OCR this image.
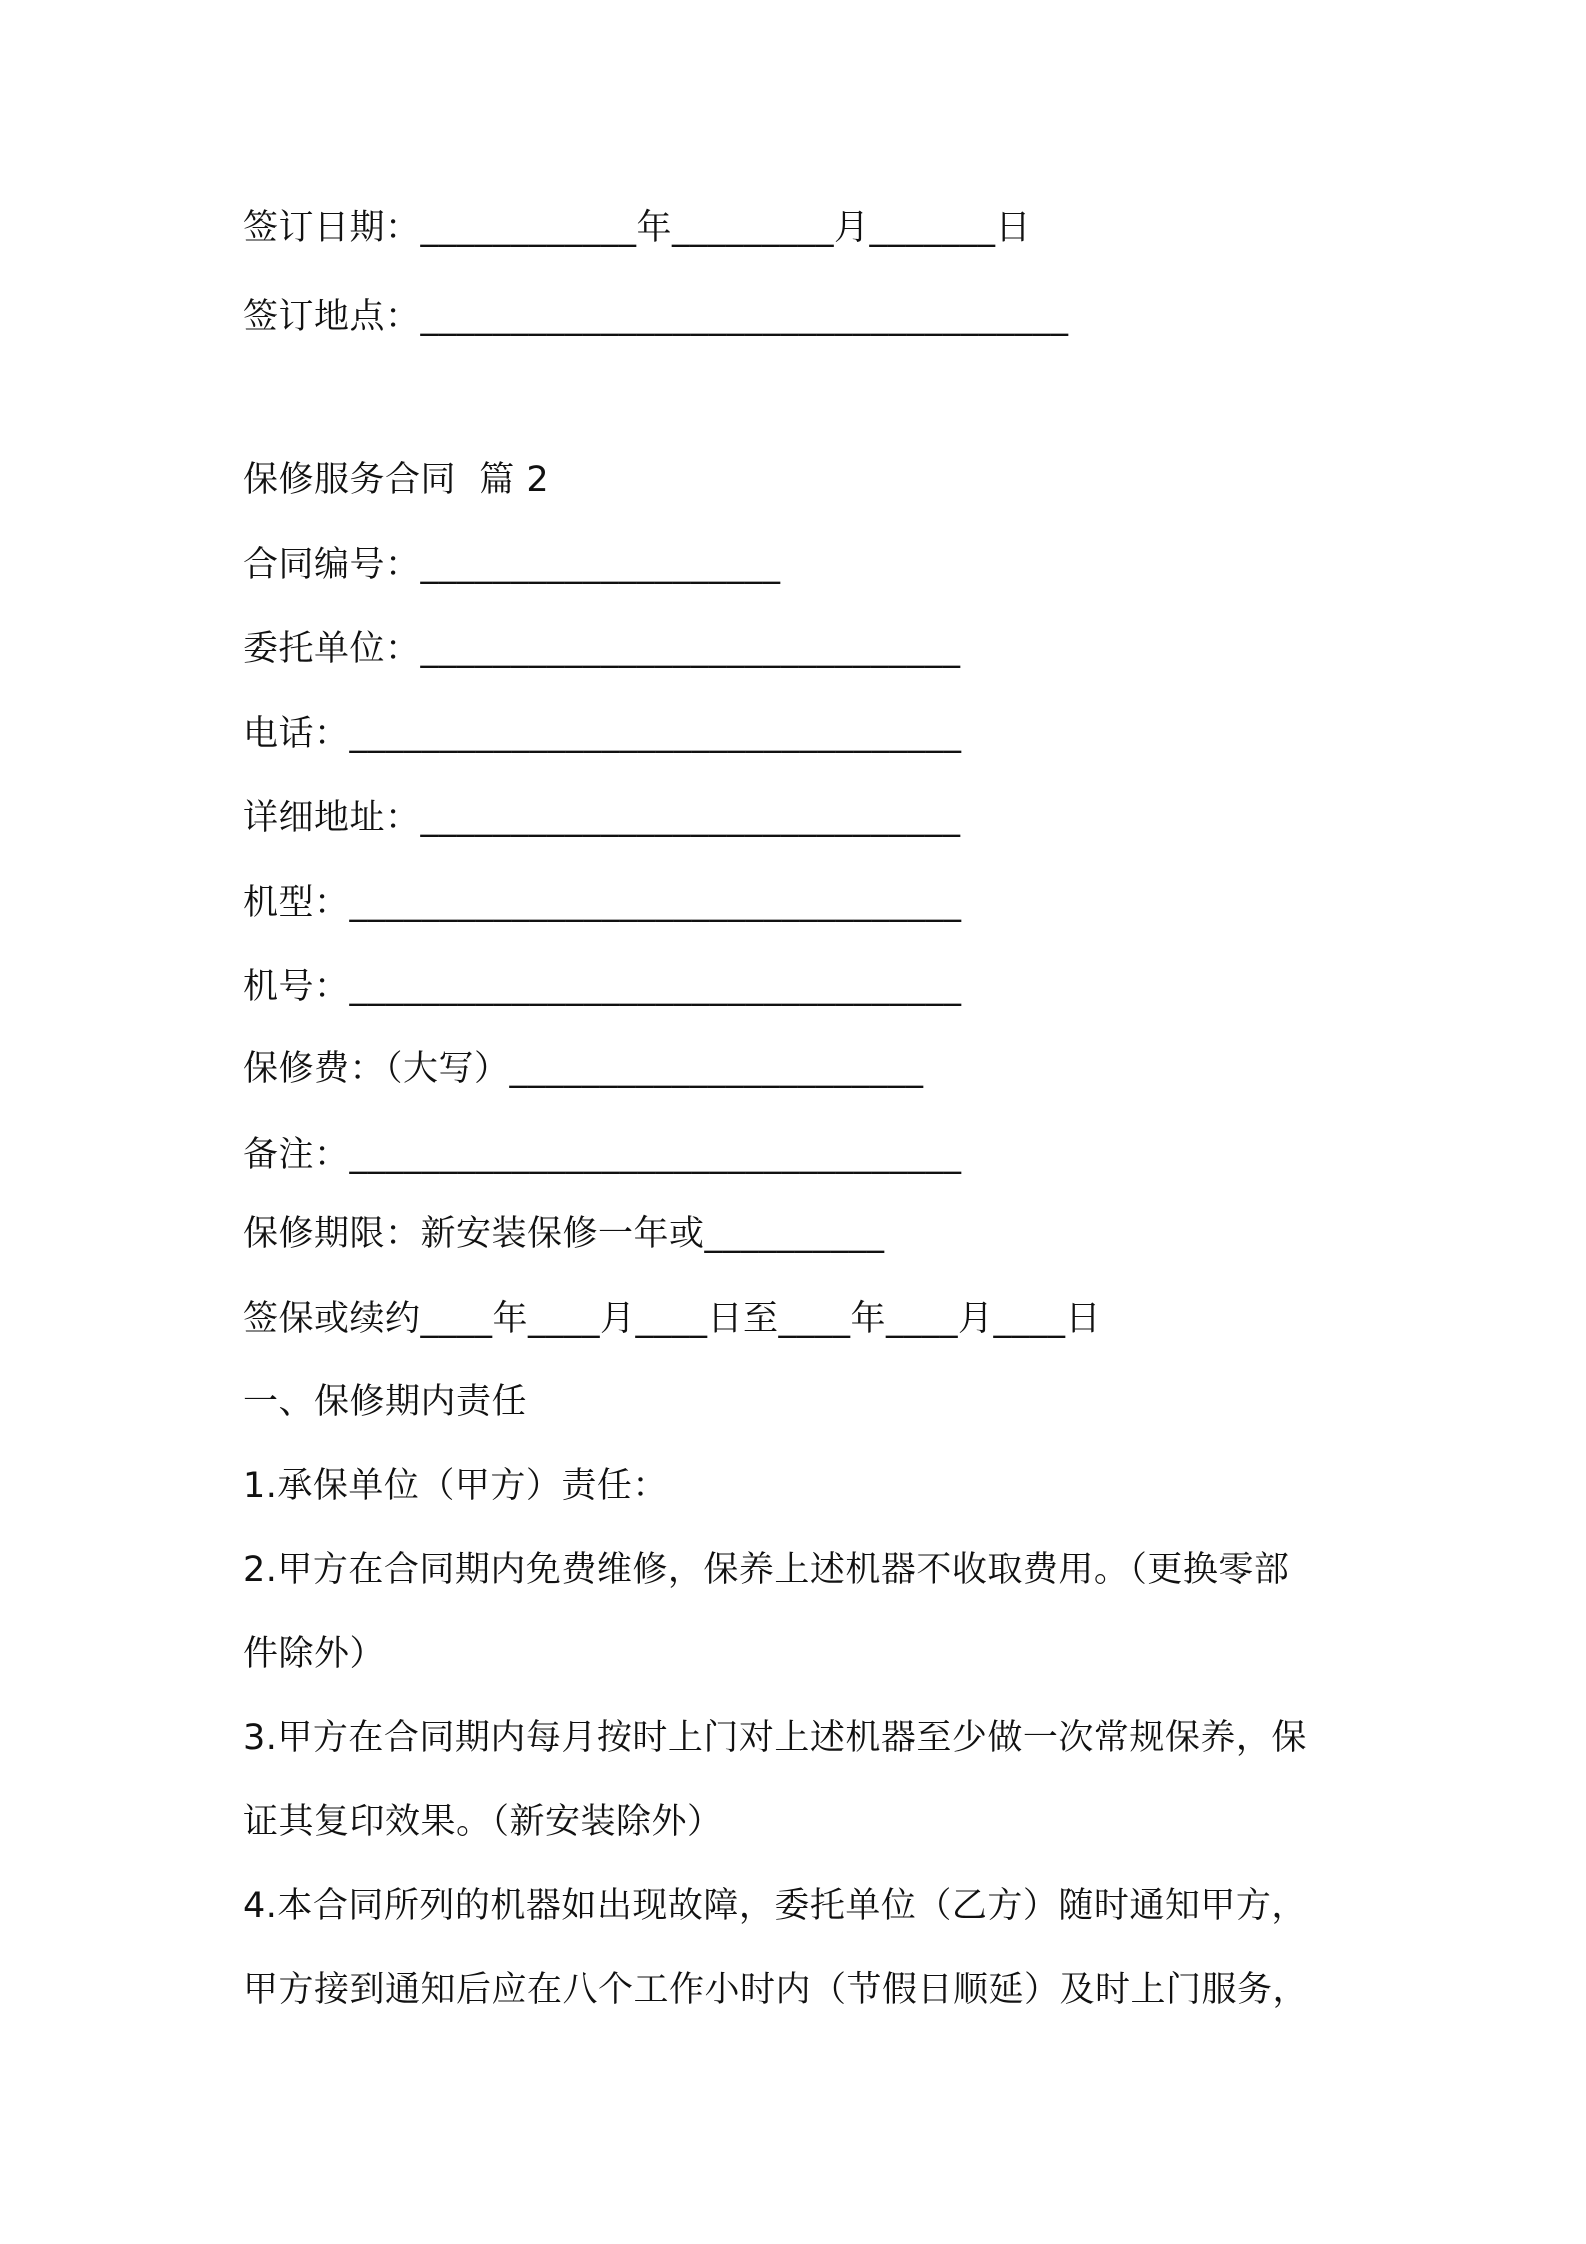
签订日期：____________年_________月_______日

签订地点：____________________________________

保修服务合同  篇 2

合同编号：____________________

委托单位：______________________________

电话：__________________________________

详细地址：______________________________

机型：__________________________________

机号：__________________________________

保修费：（大写）_______________________

备注：__________________________________

保修期限：新安装保修一年或__________

签保或续约____年____月____日至____年____月____日

一、保修期内责任

1.承保单位（甲方）责任：

2.甲方在合同期内免费维修，保养上述机器不收取费用。（更换零部

件除外）

3.甲方在合同期内每月按时上门对上述机器至少做一次常规保养，保

证其复印效果。（新安装除外）

4.本合同所列的机器如出现故障，委托单位（乙方）随时通知甲方，

甲方接到通知后应在八个工作小时内（节假日顺延）及时上门服务，
